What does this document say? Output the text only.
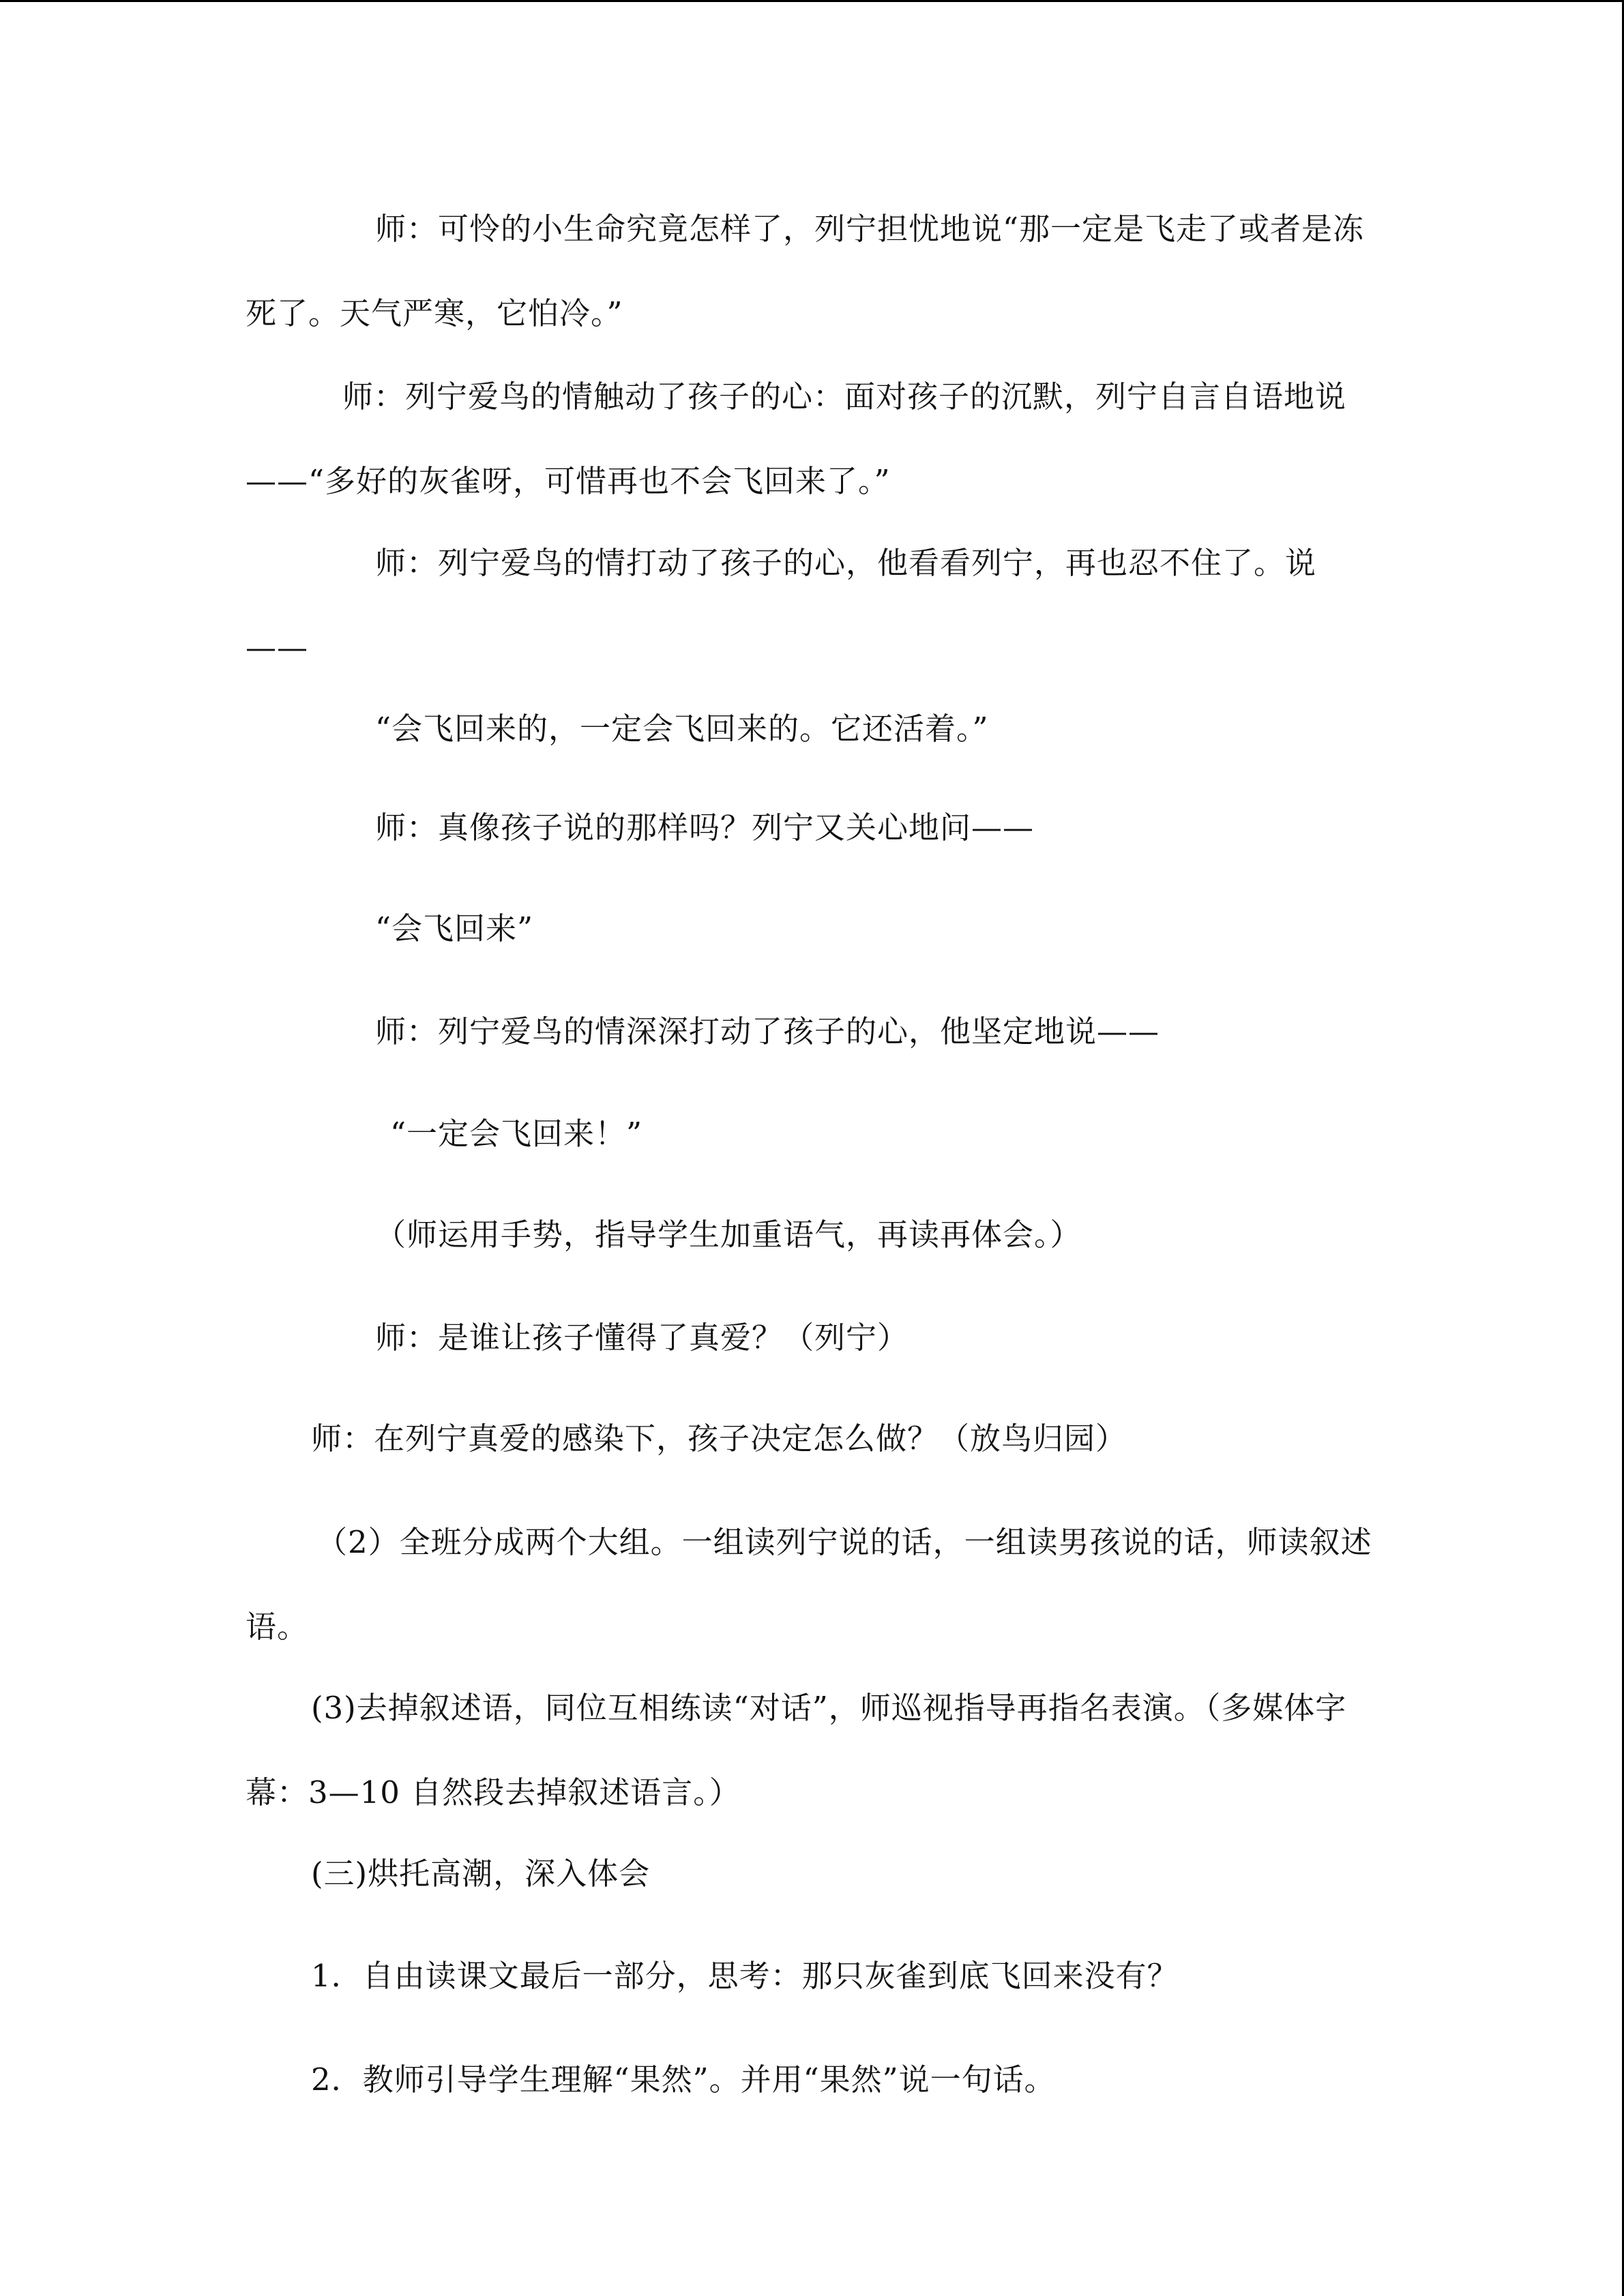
师：可怜的小生命究竟怎样了，列宁担忧地说“那一定是飞走了或者是冻死了。天气严寒，它怕冷。”

师：列宁爱鸟的情触动了孩子的心：面对孩子的沉默，列宁自言自语地说——“多好的灰雀呀，可惜再也不会飞回来了。”

师：列宁爱鸟的情打动了孩子的心，他看看列宁，再也忍不住了。说——

“会飞回来的，一定会飞回来的。它还活着。”

师：真像孩子说的那样吗？列宁又关心地问——

“会飞回来”

师：列宁爱鸟的情深深打动了孩子的心，他坚定地说——

“一定会飞回来！”

（师运用手势，指导学生加重语气，再读再体会。）

师：是谁让孩子懂得了真爱？（列宁）

师：在列宁真爱的感染下，孩子决定怎么做？（放鸟归园）

（2）全班分成两个大组。一组读列宁说的话，一组读男孩说的话，师读叙述语。

(3)去掉叙述语，同位互相练读“对话”，师巡视指导再指名表演。（多媒体字幕：3—10 自然段去掉叙述语言。）

(三)烘托高潮，深入体会

1．自由读课文最后一部分，思考：那只灰雀到底飞回来没有？

2．教师引导学生理解“果然”。并用“果然”说一句话。
